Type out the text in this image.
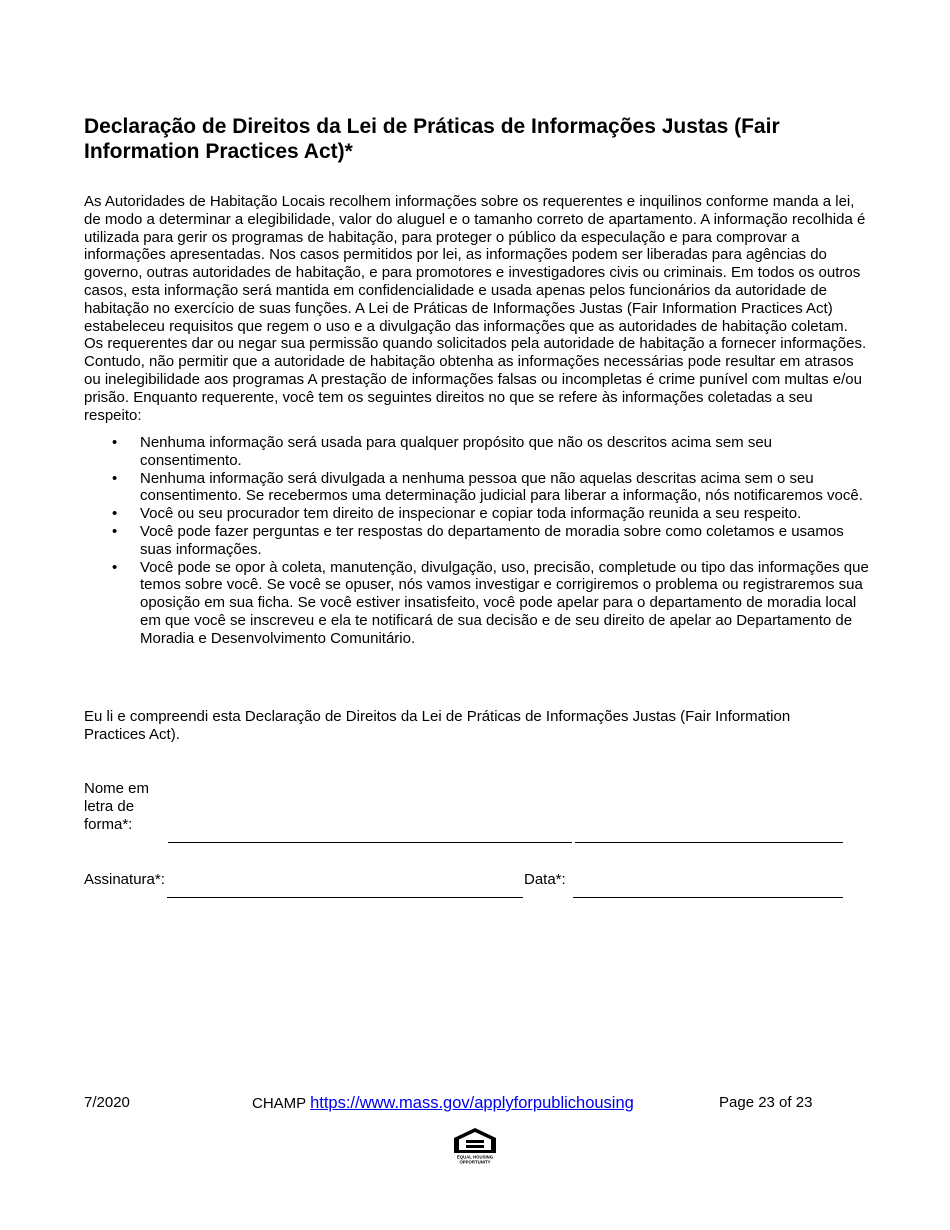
Declaração de Direitos da Lei de Práticas de Informações Justas (Fair Information Practices Act)*

As Autoridades de Habitação Locais recolhem informações sobre os requerentes e inquilinos conforme manda a lei, de modo a determinar a elegibilidade, valor do aluguel e o tamanho correto de apartamento. A informação recolhida é utilizada para gerir os programas de habitação, para proteger o público da especulação e para comprovar a informações apresentadas. Nos casos permitidos por lei, as informações podem ser liberadas para agências do governo, outras autoridades de habitação, e para promotores e investigadores civis ou criminais. Em todos os outros casos, esta informação será mantida em confidencialidade e usada apenas pelos funcionários da autoridade de habitação no exercício de suas funções. A Lei de Práticas de Informações Justas (Fair Information Practices Act) estabeleceu requisitos que regem o uso e a divulgação das informações que as autoridades de habitação coletam. Os requerentes dar ou negar sua permissão quando solicitados pela autoridade de habitação a fornecer informações. Contudo, não permitir que a autoridade de habitação obtenha as informações necessárias pode resultar em atrasos ou inelegibilidade aos programas A prestação de informações falsas ou incompletas é crime punível com multas e/ou prisão. Enquanto requerente, você tem os seguintes direitos no que se refere às informações coletadas a seu respeito:

• Nenhuma informação será usada para qualquer propósito que não os descritos acima sem seu consentimento.
• Nenhuma informação será divulgada a nenhuma pessoa que não aquelas descritas acima sem o seu consentimento. Se recebermos uma determinação judicial para liberar a informação, nós notificaremos você.
• Você ou seu procurador tem direito de inspecionar e copiar toda informação reunida a seu respeito.
• Você pode fazer perguntas e ter respostas do departamento de moradia sobre como coletamos e usamos suas informações.
• Você pode se opor à coleta, manutenção, divulgação, uso, precisão, completude ou tipo das informações que temos sobre você. Se você se opuser, nós vamos investigar e corrigiremos o problema ou registraremos sua oposição em sua ficha. Se você estiver insatisfeito, você pode apelar para o departamento de moradia local em que você se inscreveu e ela te notificará de sua decisão e de seu direito de apelar ao Departamento de Moradia e Desenvolvimento Comunitário.

Eu li e compreendi esta Declaração de Direitos da Lei de Práticas de Informações Justas (Fair Information Practices Act).

Nome em letra de forma*:
Assinatura*:	Data*:
7/2020	CHAMP https://www.mass.gov/applyforpublichousing	Page 23 of 23
EQUAL HOUSING
OPPORTUNITY
